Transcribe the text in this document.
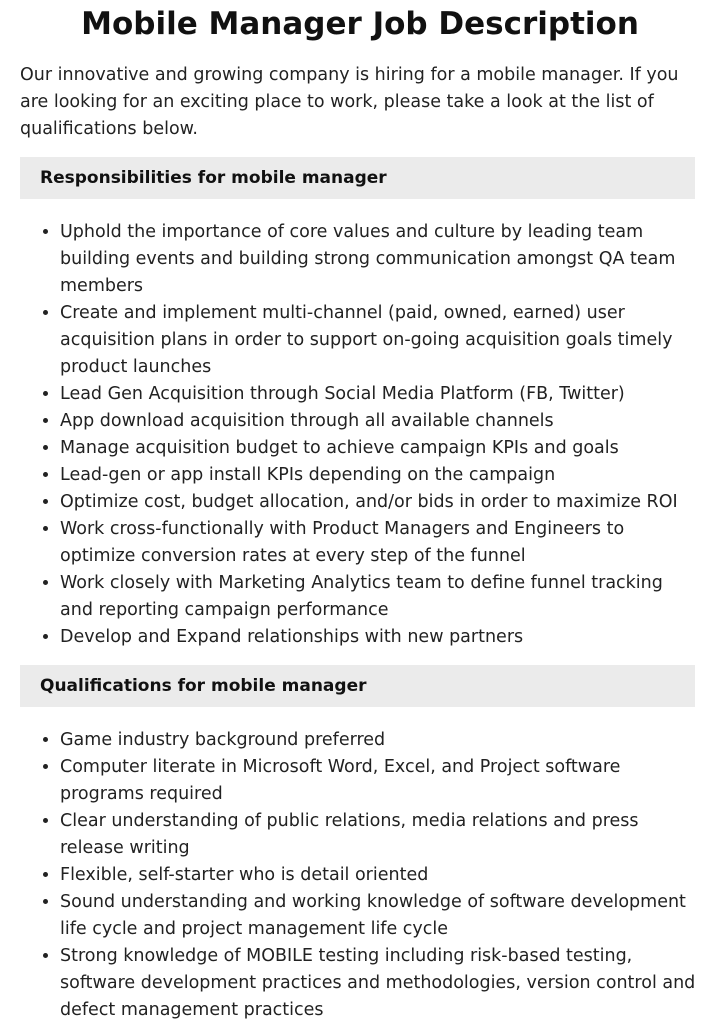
Mobile Manager Job Description

Our innovative and growing company is hiring for a mobile manager. If you are looking for an exciting place to work, please take a look at the list of qualifications below.

Responsibilities for mobile manager
• Uphold the importance of core values and culture by leading team building events and building strong communication amongst QA team members
• Create and implement multi-channel (paid, owned, earned) user acquisition plans in order to support on-going acquisition goals timely product launches
• Lead Gen Acquisition through Social Media Platform (FB, Twitter)
• App download acquisition through all available channels
• Manage acquisition budget to achieve campaign KPIs and goals
• Lead-gen or app install KPIs depending on the campaign
• Optimize cost, budget allocation, and/or bids in order to maximize ROI
• Work cross-functionally with Product Managers and Engineers to optimize conversion rates at every step of the funnel
• Work closely with Marketing Analytics team to define funnel tracking and reporting campaign performance
• Develop and Expand relationships with new partners
Qualifications for mobile manager
• Game industry background preferred
• Computer literate in Microsoft Word, Excel, and Project software programs required
• Clear understanding of public relations, media relations and press release writing
• Flexible, self-starter who is detail oriented
• Sound understanding and working knowledge of software development life cycle and project management life cycle
• Strong knowledge of MOBILE testing including risk-based testing, software development practices and methodologies, version control and defect management practices
